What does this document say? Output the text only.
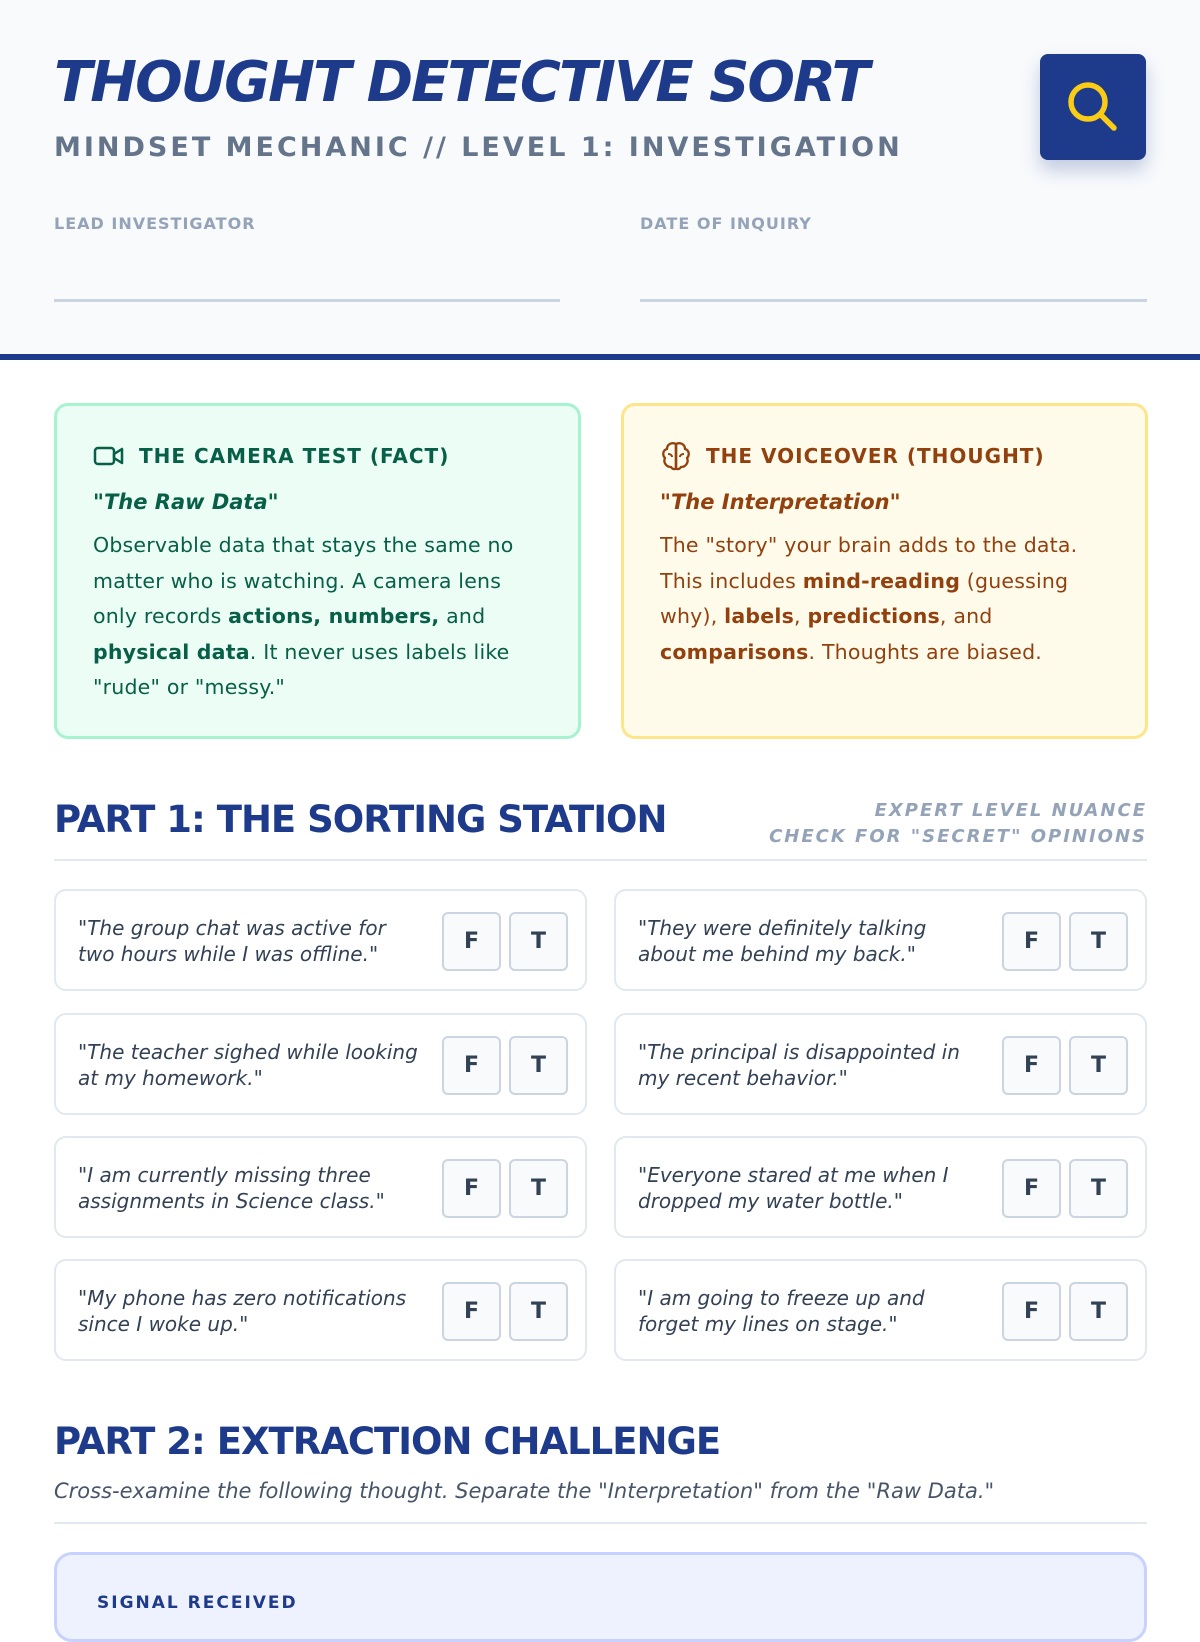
THOUGHT DETECTIVE SORT
MINDSET MECHANIC // LEVEL 1: INVESTIGATION
LEAD INVESTIGATOR	DATE OF INQUIRY
THE CAMERA TEST (FACT)
"The Raw Data"
Observable data that stays the same no matter who is watching. A camera lens only records actions, numbers, and physical data. It never uses labels like "rude" or "messy."
THE VOICEOVER (THOUGHT)
"The Interpretation"
The "story" your brain adds to the data. This includes mind-reading (guessing why), labels, predictions, and comparisons. Thoughts are biased.
PART 1: THE SORTING STATION	EXPERT LEVEL NUANCE
CHECK FOR "SECRET" OPINIONS
"The group chat was active for two hours while I was offline."	F	T
"They were definitely talking about me behind my back."	F	T
"The teacher sighed while looking at my homework."	F	T
"The principal is disappointed in my recent behavior."	F	T
"I am currently missing three assignments in Science class."	F	T
"Everyone stared at me when I dropped my water bottle."	F	T
"My phone has zero notifications since I woke up."	F	T
"I am going to freeze up and forget my lines on stage."	F	T
PART 2: EXTRACTION CHALLENGE
Cross-examine the following thought. Separate the "Interpretation" from the "Raw Data."
SIGNAL RECEIVED
